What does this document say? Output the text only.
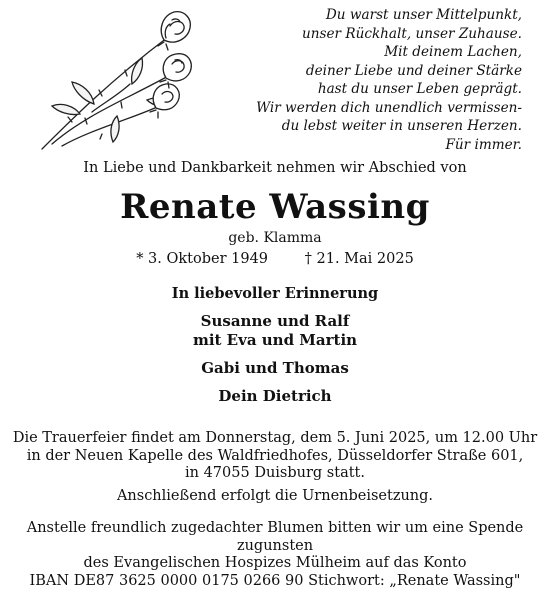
Du warst unser Mittelpunkt,
unser Rückhalt, unser Zuhause.
Mit deinem Lachen,
deiner Liebe und deiner Stärke
hast du unser Leben geprägt.
Wir werden dich unendlich vermissen-
du lebst weiter in unseren Herzen.
Für immer.
In Liebe und Dankbarkeit nehmen wir Abschied von
Renate Wassing
geb. Klamma
* 3. Oktober 1949	† 21. Mai 2025
In liebevoller Erinnerung
Susanne und Ralf
mit Eva und Martin
Gabi und Thomas
Dein Dietrich
Die Trauerfeier findet am Donnerstag, dem 5. Juni 2025, um 12.00 Uhr
in der Neuen Kapelle des Waldfriedhofes, Düsseldorfer Straße 601,
in 47055 Duisburg statt.
Anschließend erfolgt die Urnenbeisetzung.
Anstelle freundlich zugedachter Blumen bitten wir um eine Spende zugunsten
des Evangelischen Hospizes Mülheim auf das Konto
IBAN DE87 3625 0000 0175 0266 90 Stichwort: „Renate Wassing"
